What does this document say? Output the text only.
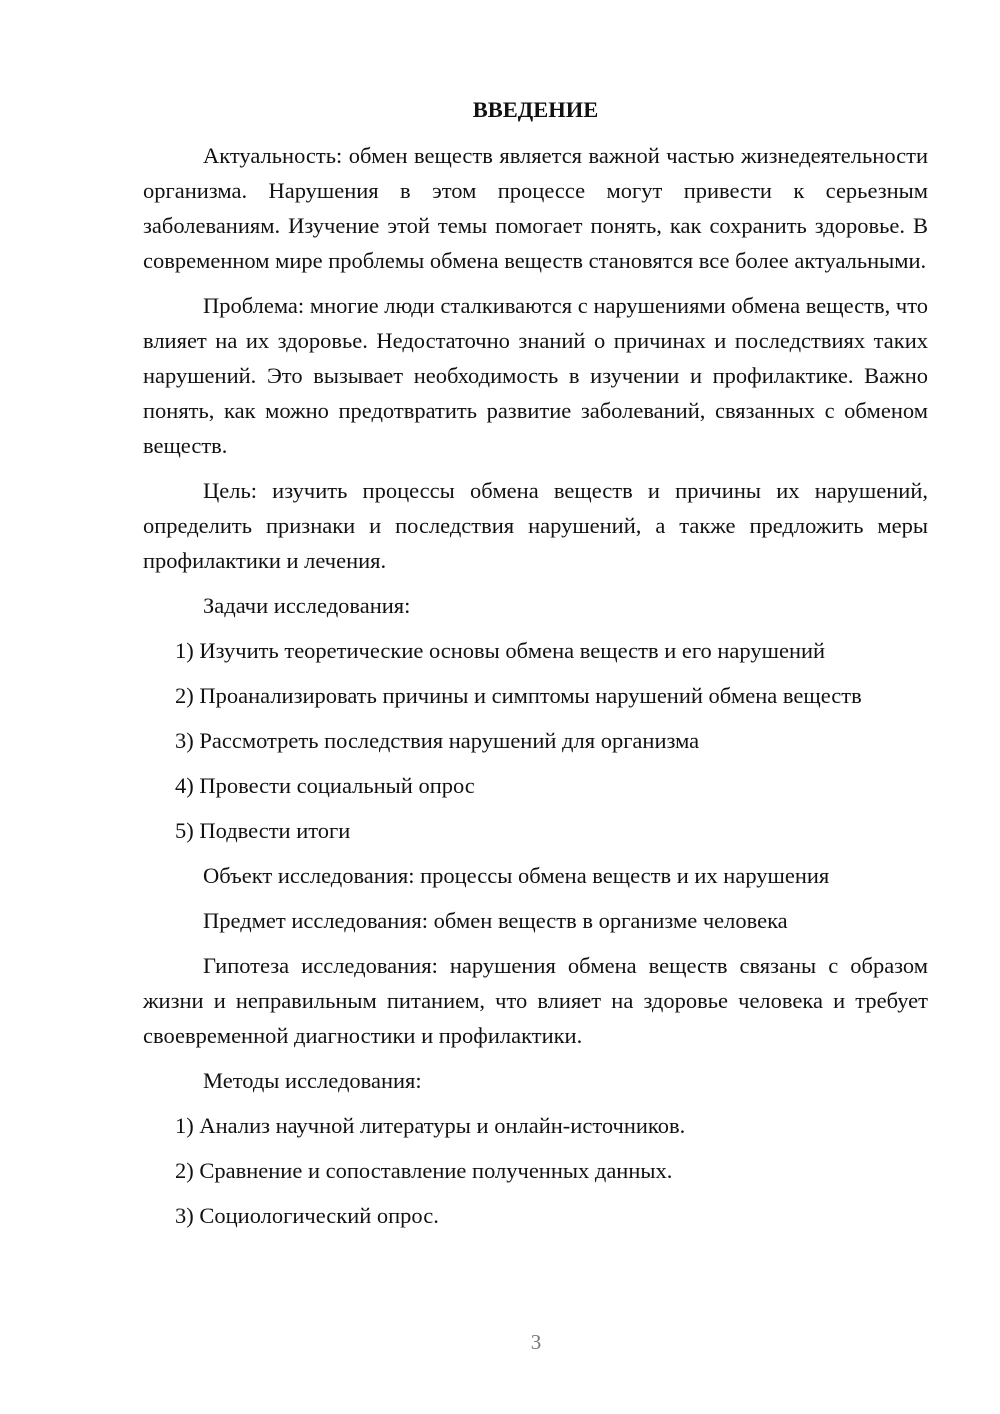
ВВЕДЕНИЕ

Актуальность: обмен веществ является важной частью жизнедеятельности организма. Нарушения в этом процессе могут привести к серьезным заболеваниям. Изучение этой темы помогает понять, как сохранить здоровье. В современном мире проблемы обмена веществ становятся все более актуальными.

Проблема: многие люди сталкиваются с нарушениями обмена веществ, что влияет на их здоровье. Недостаточно знаний о причинах и последствиях таких нарушений. Это вызывает необходимость в изучении и профилактике. Важно понять, как можно предотвратить развитие заболеваний, связанных с обменом веществ.

Цель: изучить процессы обмена веществ и причины их нарушений, определить признаки и последствия нарушений, а также предложить меры профилактики и лечения.

Задачи исследования:

1) Изучить теоретические основы обмена веществ и его нарушений

2) Проанализировать причины и симптомы нарушений обмена веществ

3) Рассмотреть последствия нарушений для организма

4) Провести социальный опрос

5) Подвести итоги

Объект исследования: процессы обмена веществ и их нарушения

Предмет исследования: обмен веществ в организме человека

Гипотеза исследования: нарушения обмена веществ связаны с образом жизни и неправильным питанием, что влияет на здоровье человека и требует своевременной диагностики и профилактики.

Методы исследования:

1) Анализ научной литературы и онлайн-источников.

2) Сравнение и сопоставление полученных данных.

3) Социологический опрос.

3
